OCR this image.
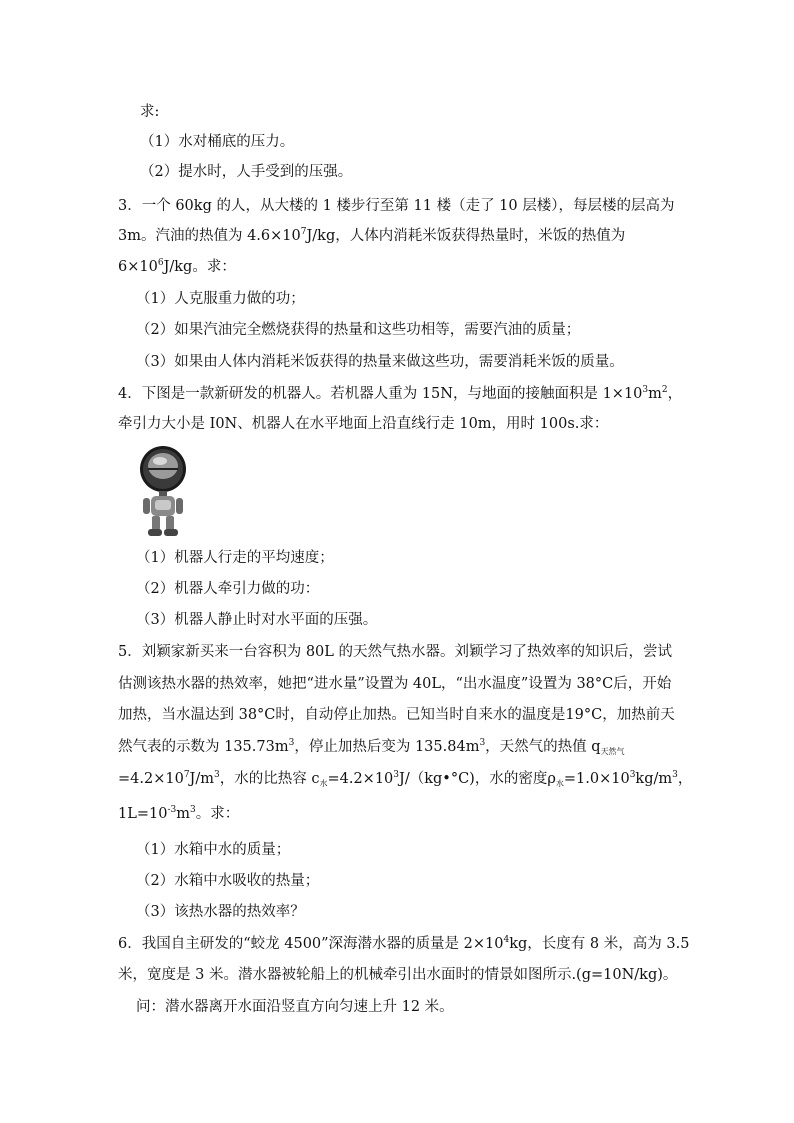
求:
（1）水对桶底的压力。
（2）提水时，人手受到的压强。
3．一个 60kg 的人，从大楼的 1 楼步行至第 11 楼（走了 10 层楼），每层楼的层高为
3m。汽油的热值为 $4.6\times 10^7J/kg$，人体内消耗米饭获得热量时，米饭的热值为
$6\times 10^6J/kg$。求：
（1）人克服重力做的功；
（2）如果汽油完全燃烧获得的热量和这些功相等，需要汽油的质量；
（3）如果由人体内消耗米饭获得的热量来做这些功，需要消耗米饭的质量。
4．下图是一款新研发的机器人。若机器人重为 15N，与地面的接触面积是 $1\times 10^3m^2$，
牵引力大小是 I0N、机器人在水平地面上沿直线行走 10m，用时 100s.求：
（1）机器人行走的平均速度；
（2）机器人牵引力做的功：
（3）机器人静止时对水平面的压强。
5．刘颖家新买来一台容积为 80L 的天然气热水器。刘颖学习了热效率的知识后，尝试
估测该热水器的热效率，她把“进水量”设置为 40L，“出水温度”设置为 38°C后，开始
加热，当水温达到 38°C时，自动停止加热。已知当时自来水的温度是19°C，加热前天
然气表的示数为 $135.73m^3$，停止加热后变为 $135.84m^3$，天然气的热值 $q_{天然气}$
$=4.2\times 10^7J/m^3$，水的比热容 $c_水=4.2\times 10^3J/(kg•^\circ C)$，水的密度$\rho_水=1.0\times 10^3kg/m^3$，
$1L=10^{-3}m^3$。求：
（1）水箱中水的质量；
（2）水箱中水吸收的热量；
（3）该热水器的热效率？
6．我国自主研发的“蛟龙 4500”深海潜水器的质量是 $2\times 10^4kg$，长度有 8 米，高为 3.5
米，宽度是 3 米。潜水器被轮船上的机械牵引出水面时的情景如图所示.(g=10N/kg)。
问：潜水器离开水面沿竖直方向匀速上升 12 米。
